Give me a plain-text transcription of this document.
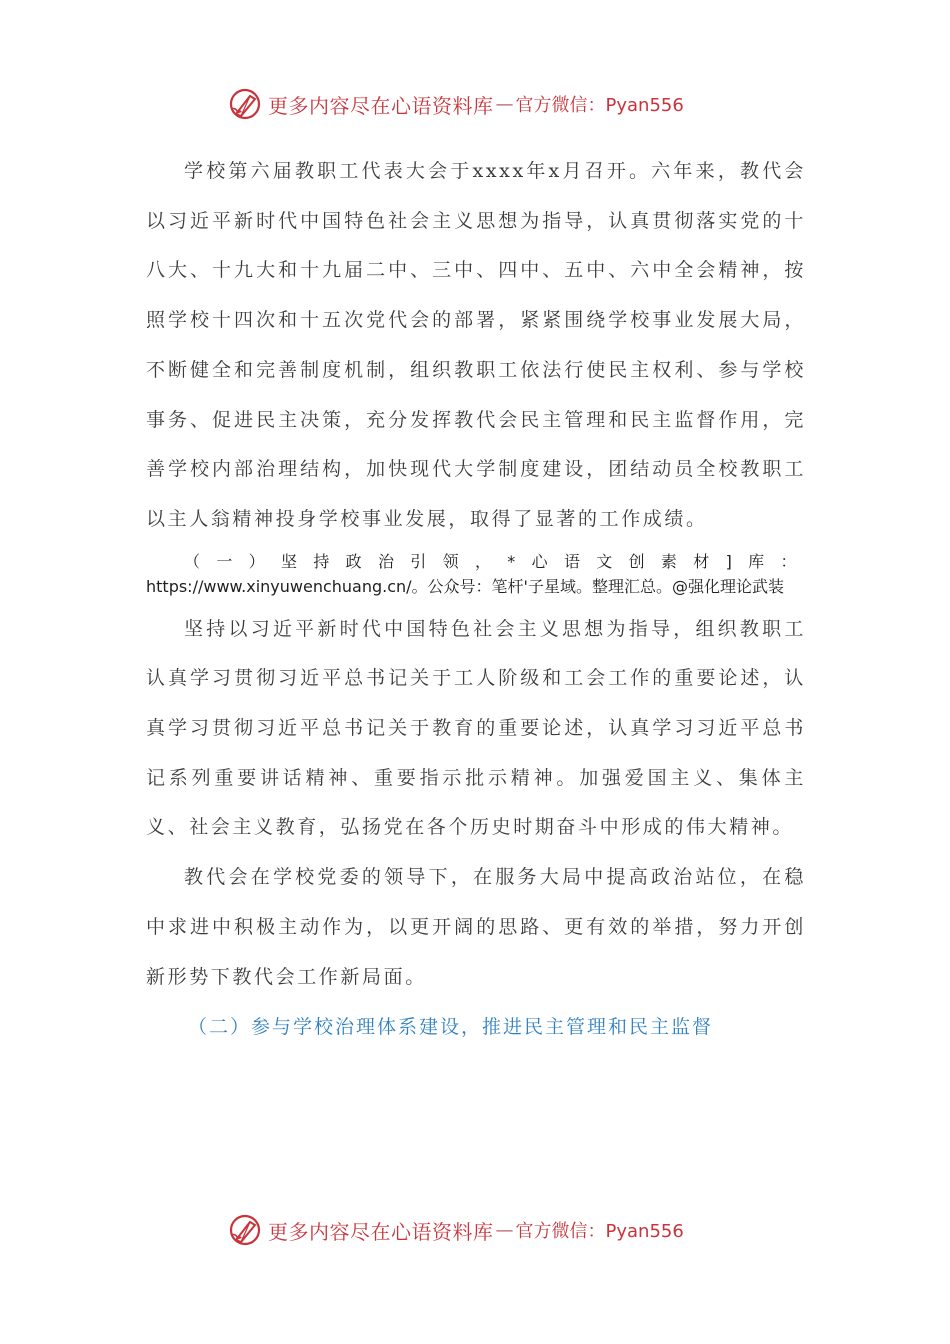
更多内容尽在心语资料库 — 官方微信：Pyan556

学校第六届教职工代表大会于xxxx年x月召开。六年来，教代会以习近平新时代中国特色社会主义思想为指导，认真贯彻落实党的十八大、十九大和十九届二中、三中、四中、五中、六中全会精神，按照学校十四次和十五次党代会的部署，紧紧围绕学校事业发展大局，不断健全和完善制度机制，组织教职工依法行使民主权利、参与学校事务、促进民主决策，充分发挥教代会民主管理和民主监督作用，完善学校内部治理结构，加快现代大学制度建设，团结动员全校教职工以主人翁精神投身学校事业发展，取得了显著的工作成绩。

（一）坚持政治引领，*心语文创素材]库：https://www.xinyuwenchuang.cn/。公众号：笔杆'子星域。整理汇总。@强化理论武装

坚持以习近平新时代中国特色社会主义思想为指导，组织教职工认真学习贯彻习近平总书记关于工人阶级和工会工作的重要论述，认真学习贯彻习近平总书记关于教育的重要论述，认真学习习近平总书记系列重要讲话精神、重要指示批示精神。加强爱国主义、集体主义、社会主义教育，弘扬党在各个历史时期奋斗中形成的伟大精神。

教代会在学校党委的领导下，在服务大局中提高政治站位，在稳中求进中积极主动作为，以更开阔的思路、更有效的举措，努力开创新形势下教代会工作新局面。

（二）参与学校治理体系建设，推进民主管理和民主监督

更多内容尽在心语资料库 — 官方微信：Pyan556
